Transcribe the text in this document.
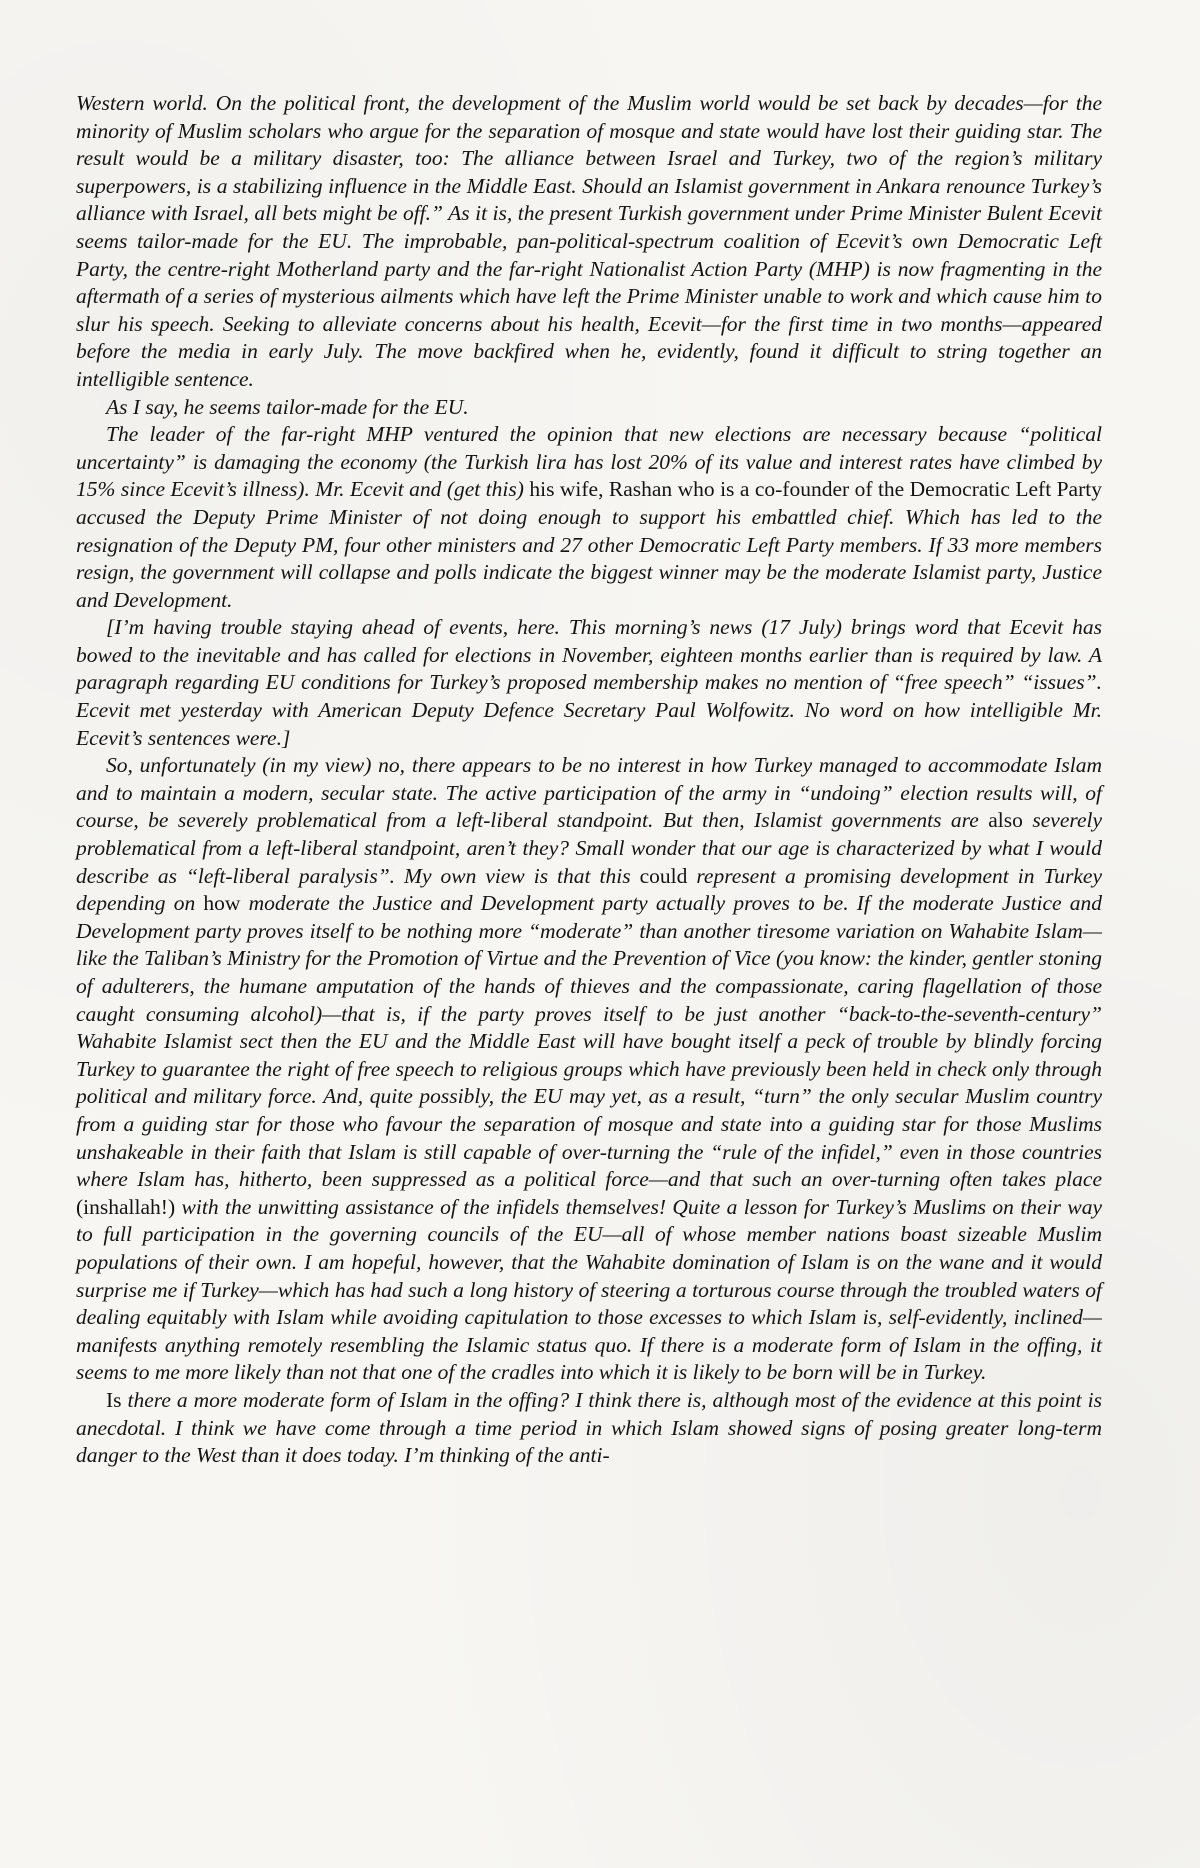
Western world. On the political front, the development of the Muslim world would be set back by decades—for the minority of Muslim scholars who argue for the separation of mosque and state would have lost their guiding star. The result would be a military disaster, too: The alliance between Israel and Turkey, two of the region’s military superpowers, is a stabilizing influence in the Middle East. Should an Islamist government in Ankara renounce Turkey’s alliance with Israel, all bets might be off.” As it is, the present Turkish government under Prime Minister Bulent Ecevit seems tailor-made for the EU. The improbable, pan-political-spectrum coalition of Ecevit’s own Democratic Left Party, the centre-right Motherland party and the far-right Nationalist Action Party (MHP) is now fragmenting in the aftermath of a series of mysterious ailments which have left the Prime Minister unable to work and which cause him to slur his speech. Seeking to alleviate concerns about his health, Ecevit—for the first time in two months—appeared before the media in early July. The move backfired when he, evidently, found it difficult to string together an intelligible sentence.

As I say, he seems tailor-made for the EU.

The leader of the far-right MHP ventured the opinion that new elections are necessary because “political uncertainty” is damaging the economy (the Turkish lira has lost 20% of its value and interest rates have climbed by 15% since Ecevit’s illness). Mr. Ecevit and (get this) his wife, Rashan who is a co-founder of the Democratic Left Party accused the Deputy Prime Minister of not doing enough to support his embattled chief. Which has led to the resignation of the Deputy PM, four other ministers and 27 other Democratic Left Party members. If 33 more members resign, the government will collapse and polls indicate the biggest winner may be the moderate Islamist party, Justice and Development.

[I’m having trouble staying ahead of events, here. This morning’s news (17 July) brings word that Ecevit has bowed to the inevitable and has called for elections in November, eighteen months earlier than is required by law. A paragraph regarding EU conditions for Turkey’s proposed membership makes no mention of “free speech” “issues”. Ecevit met yesterday with American Deputy Defence Secretary Paul Wolfowitz. No word on how intelligible Mr. Ecevit’s sentences were.]

So, unfortunately (in my view) no, there appears to be no interest in how Turkey managed to accommodate Islam and to maintain a modern, secular state. The active participation of the army in “undoing” election results will, of course, be severely problematical from a left-liberal standpoint. But then, Islamist governments are also severely problematical from a left-liberal standpoint, aren’t they? Small wonder that our age is characterized by what I would describe as “left-liberal paralysis”. My own view is that this could represent a promising development in Turkey depending on how moderate the Justice and Development party actually proves to be. If the moderate Justice and Development party proves itself to be nothing more “moderate” than another tiresome variation on Wahabite Islam—like the Taliban’s Ministry for the Promotion of Virtue and the Prevention of Vice (you know: the kinder, gentler stoning of adulterers, the humane amputation of the hands of thieves and the compassionate, caring flagellation of those caught consuming alcohol)—that is, if the party proves itself to be just another “back-to-the-seventh-century” Wahabite Islamist sect then the EU and the Middle East will have bought itself a peck of trouble by blindly forcing Turkey to guarantee the right of free speech to religious groups which have previously been held in check only through political and military force. And, quite possibly, the EU may yet, as a result, “turn” the only secular Muslim country from a guiding star for those who favour the separation of mosque and state into a guiding star for those Muslims unshakeable in their faith that Islam is still capable of over-turning the “rule of the infidel,” even in those countries where Islam has, hitherto, been suppressed as a political force—and that such an over-turning often takes place (inshallah!) with the unwitting assistance of the infidels themselves! Quite a lesson for Turkey’s Muslims on their way to full participation in the governing councils of the EU—all of whose member nations boast sizeable Muslim populations of their own. I am hopeful, however, that the Wahabite domination of Islam is on the wane and it would surprise me if Turkey—which has had such a long history of steering a torturous course through the troubled waters of dealing equitably with Islam while avoiding capitulation to those excesses to which Islam is, self-evidently, inclined—manifests anything remotely resembling the Islamic status quo. If there is a moderate form of Islam in the offing, it seems to me more likely than not that one of the cradles into which it is likely to be born will be in Turkey.

Is there a more moderate form of Islam in the offing? I think there is, although most of the evidence at this point is anecdotal. I think we have come through a time period in which Islam showed signs of posing greater long-term danger to the West than it does today. I’m thinking of the anti-
